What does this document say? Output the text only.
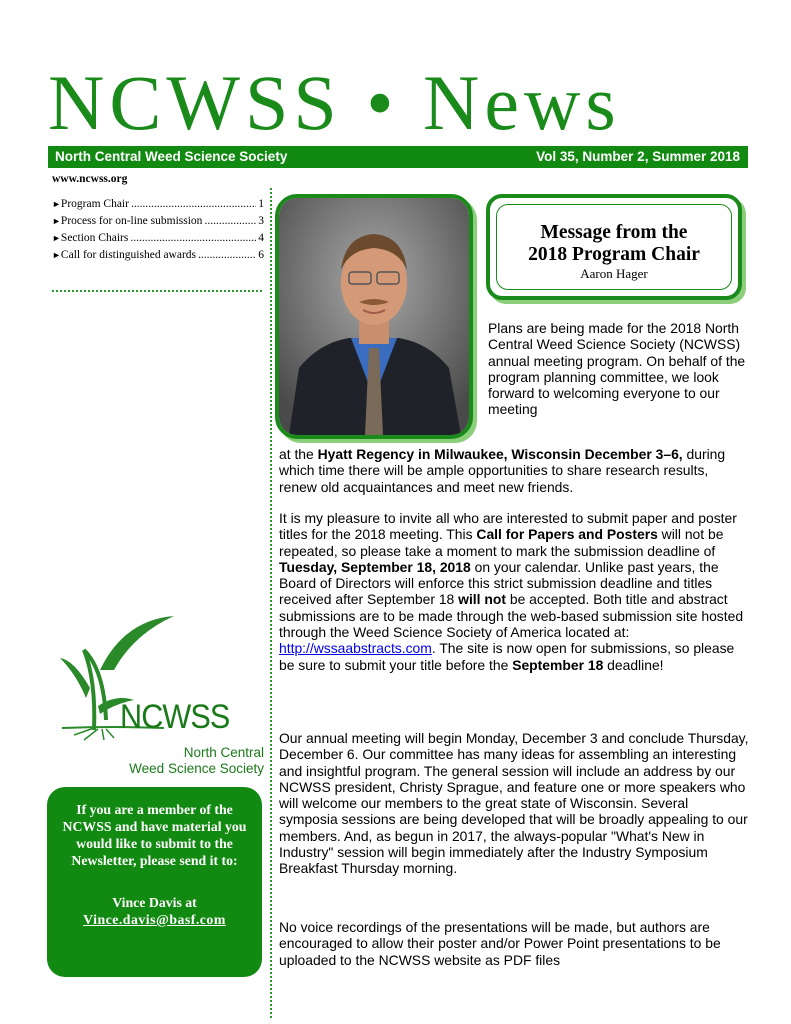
NCWSS • News
North Central Weed Science Society	Vol 35, Number 2, Summer 2018
www.ncwss.org
► Program Chair .....	1
► Process for on-line submission .....	3
► Section Chairs .....	4
► Call for distinguished awards .....	6
Message from the
2018 Program Chair
Aaron Hager
Plans are being made for the 2018 North Central Weed Science Society (NCWSS) annual meeting program. On behalf of the program planning committee, we look forward to welcoming everyone to our meeting
at the Hyatt Regency in Milwaukee, Wisconsin December 3–6, during which time there will be ample opportunities to share research results, renew old acquaintances and meet new friends.
It is my pleasure to invite all who are interested to submit paper and poster titles for the 2018 meeting. This Call for Papers and Posters will not be repeated, so please take a moment to mark the submission deadline of Tuesday, September 18, 2018 on your calendar. Unlike past years, the Board of Directors will enforce this strict submission deadline and titles received after September 18 will not be accepted. Both title and abstract submissions are to be made through the web-based submission site hosted through the Weed Science Society of America located at: http://wssaabstracts.com. The site is now open for submissions, so please be sure to submit your title before the September 18 deadline!
Our annual meeting will begin Monday, December 3 and conclude Thursday, December 6. Our committee has many ideas for assembling an interesting and insightful program. The general session will include an address by our NCWSS president, Christy Sprague, and feature one or more speakers who will welcome our members to the great state of Wisconsin. Several symposia sessions are being developed that will be broadly appealing to our members. And, as begun in 2017, the always-popular "What's New in Industry" session will begin immediately after the Industry Symposium Breakfast Thursday morning.
No voice recordings of the presentations will be made, but authors are encouraged to allow their poster and/or Power Point presentations to be uploaded to the NCWSS website as PDF files
NCWSS
North Central
Weed Science Society
If you are a member of the NCWSS and have material you would like to submit to the Newsletter, please send it to:
Vince Davis at
Vince.davis@basf.com
